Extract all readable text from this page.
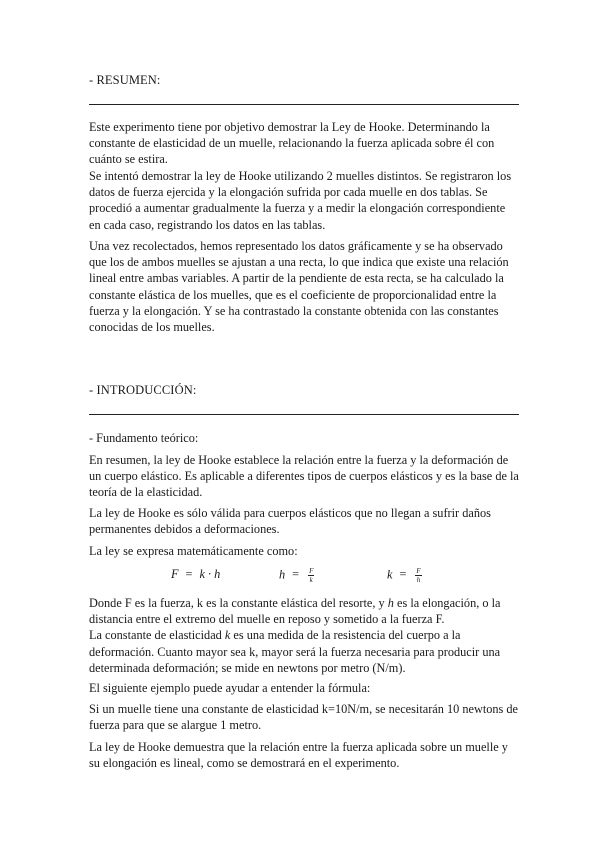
- RESUMEN:

Este experimento tiene por objetivo demostrar la Ley de Hooke. Determinando la constante de elasticidad de un muelle, relacionando la fuerza aplicada sobre él con cuánto se estira.

Se intentó demostrar la ley de Hooke utilizando 2 muelles distintos. Se registraron los datos de fuerza ejercida y la elongación sufrida por cada muelle en dos tablas. Se procedió a aumentar gradualmente la fuerza y a medir la elongación correspondiente en cada caso, registrando los datos en las tablas.

Una vez recolectados, hemos representado los datos gráficamente y se ha observado que los de ambos muelles se ajustan a una recta, lo que indica que existe una relación lineal entre ambas variables. A partir de la pendiente de esta recta, se ha calculado la constante elástica de los muelles, que es el coeficiente de proporcionalidad entre la fuerza y la elongación. Y se ha contrastado la constante obtenida con las constantes conocidas de los muelles.

- INTRODUCCIÓN:

- Fundamento teórico:

En resumen, la ley de Hooke establece la relación entre la fuerza y la deformación de un cuerpo elástico. Es aplicable a diferentes tipos de cuerpos elásticos y es la base de la teoría de la elasticidad.

La ley de Hooke es sólo válida para cuerpos elásticos que no llegan a sufrir daños permanentes debidos a deformaciones.

La ley se expresa matemáticamente como:

F = k · h	$h = \frac{F}{k}$	$k = \frac{F}{h}$

Donde F es la fuerza, k es la constante elástica del resorte, y h es la elongación, o la distancia entre el extremo del muelle en reposo y sometido a la fuerza F.
La constante de elasticidad k es una medida de la resistencia del cuerpo a la deformación. Cuanto mayor sea k, mayor será la fuerza necesaria para producir una determinada deformación; se mide en newtons por metro (N/m).

El siguiente ejemplo puede ayudar a entender la fórmula:

Si un muelle tiene una constante de elasticidad k=10N/m, se necesitarán 10 newtons de fuerza para que se alargue 1 metro.

La ley de Hooke demuestra que la relación entre la fuerza aplicada sobre un muelle y su elongación es lineal, como se demostrará en el experimento.
